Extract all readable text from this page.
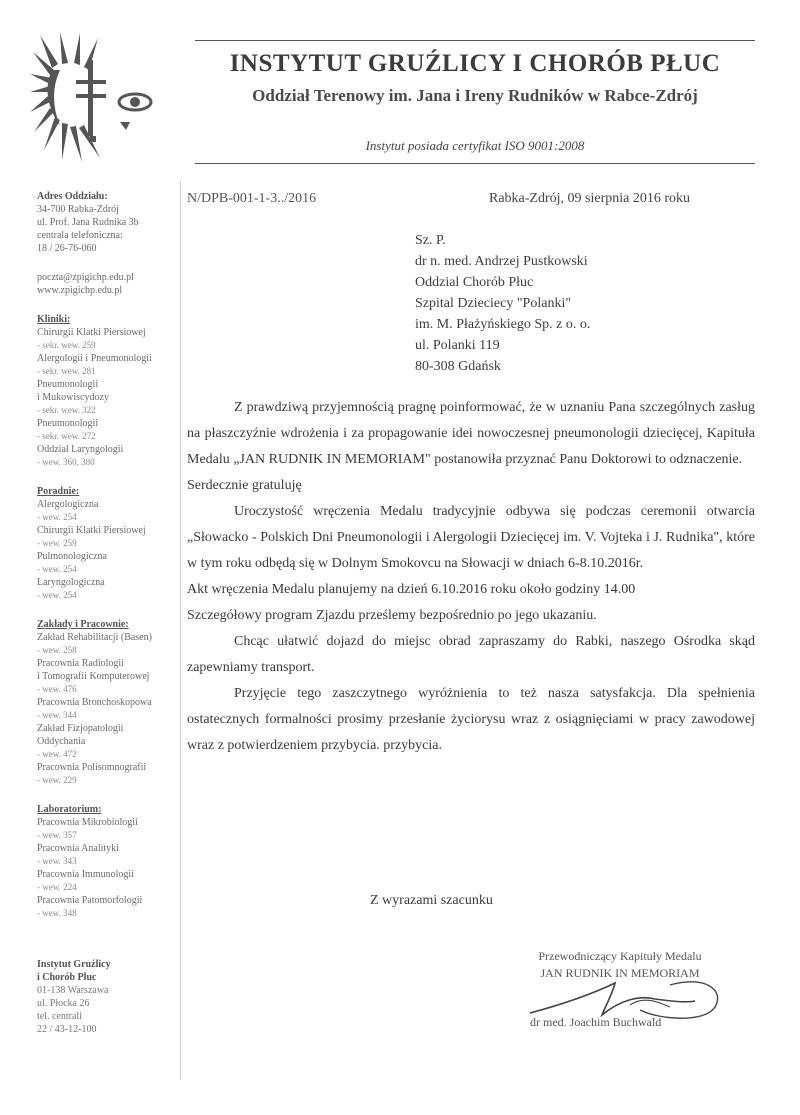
INSTYTUT GRUŹLICY I CHORÓB PŁUC
Oddział Terenowy im. Jana i Ireny Rudników w Rabce-Zdrój
Instytut posiada certyfikat ISO 9001:2008
Adres Oddziału:
34-700 Rabka-Zdrój
ul. Prof. Jana Rudnika 3b
centrala telefoniczna:
18 / 26-76-060
poczta@zpigichp.edu.pl
www.zpigichp.edu.pl
Kliniki:
Chirurgii Klatki Piersiowej
- sekr. wew. 259
Alergologii i Pneumonologii
- sekr. wew. 281
Pneumonologii
i Mukowiscydozy
- sekr. wew. 322
Pneumonologii
- sekr. wew. 272
Oddział Laryngologii
- wew. 360, 380
Poradnie:
Alergologiczna
- wew. 254
Chirurgii Klatki Piersiowej
- wew. 259
Pulmonologiczna
- wew. 254
Laryngologiczna
- wew. 254
Zakłady i Pracownie:
Zakład Rehabilitacji (Basen)
- wew. 258
Pracownia Radiologii
i Tomografii Komputerowej
- wew. 476
Pracownia Bronchoskopowa
- wew. 344
Zakład Fizjopatologii
Oddychania
- wew. 472
Pracownia Polisomnografii
- wew. 229
Laboratorium:
Pracownia Mikrobiologii
- wew. 357
Pracownia Analityki
- wew. 343
Pracownia Immunologii
- wew. 224
Pracownia Patomorfologii
- wew. 348
Instytut Gruźlicy
i Chorób Płuc
01-138 Warszawa
ul. Płocka 26
tel. centrali
22 / 43-12-100
N/DPB-001-1-3../2016	Rabka-Zdrój, 09 sierpnia 2016 roku
Sz. P.
dr n. med. Andrzej Pustkowski
Oddzial Chorób Płuc
Szpital Dzieciecy "Polanki"
im. M. Płażyńskiego Sp. z o. o.
ul. Polanki 119
80-308 Gdańsk

Z prawdziwą przyjemnością pragnę poinformować, że w uznaniu Pana szczególnych zasług na płaszczyźnie wdrożenia i za propagowanie idei nowoczesnej pneumonologii dziecięcej, Kapituła Medalu „JAN RUDNIK IN MEMORIAM" postanowiła przyznać Panu Doktorowi to odznaczenie.

Serdecznie gratuluję

Uroczystość wręczenia Medalu tradycyjnie odbywa się podczas ceremonii otwarcia „Słowacko - Polskich Dni Pneumonologii i Alergologii Dziecięcej im. V. Vojteka i J. Rudnika", które w tym roku odbędą się w Dolnym Smokovcu na Słowacji w dniach 6-8.10.2016r.

Akt wręczenia Medalu planujemy na dzień 6.10.2016 roku około godziny 14.00

Szczegółowy program Zjazdu prześlemy bezpośrednio po jego ukazaniu.

Chcąc ułatwić dojazd do miejsc obrad zapraszamy do Rabki, naszego Ośrodka skąd zapewniamy transport.

Przyjęcie tego zaszczytnego wyróżnienia to też nasza satysfakcja. Dla spełnienia ostatecznych formalności prosimy przesłanie życiorysu wraz z osiągnięciami w pracy zawodowej wraz z potwierdzeniem przybycia. przybycia.

Z wyrazami szacunku
Przewodniczący Kapituły Medalu
JAN RUDNIK IN MEMORIAM
dr med. Joachim Buchwald
